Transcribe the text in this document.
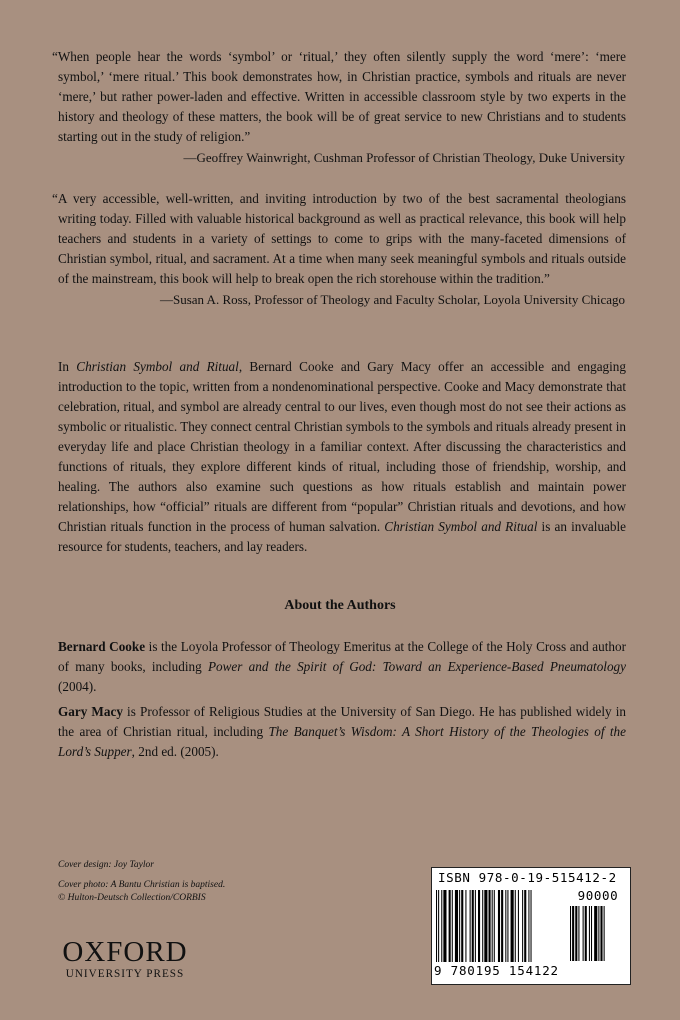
“When people hear the words ‘symbol’ or ‘ritual,’ they often silently supply the word ‘mere’: ‘mere symbol,’ ‘mere ritual.’ This book demonstrates how, in Christian practice, symbols and rituals are never ‘mere,’ but rather power-laden and effective. Written in accessible classroom style by two experts in the history and theology of these matters, the book will be of great service to new Christians and to students starting out in the study of religion.”

—Geoffrey Wainwright, Cushman Professor of Christian Theology, Duke University

“A very accessible, well-written, and inviting introduction by two of the best sacramental theologians writing today. Filled with valuable historical background as well as practical relevance, this book will help teachers and students in a variety of settings to come to grips with the many-faceted dimensions of Christian symbol, ritual, and sacrament. At a time when many seek meaningful symbols and rituals outside of the mainstream, this book will help to break open the rich storehouse within the tradition.”

—Susan A. Ross, Professor of Theology and Faculty Scholar, Loyola University Chicago

In Christian Symbol and Ritual, Bernard Cooke and Gary Macy offer an accessible and engaging introduction to the topic, written from a nondenominational perspective. Cooke and Macy demonstrate that celebration, ritual, and symbol are already central to our lives, even though most do not see their actions as symbolic or ritualistic. They connect central Christian symbols to the symbols and rituals already present in everyday life and place Christian theology in a familiar context. After discussing the characteristics and functions of rituals, they explore different kinds of ritual, including those of friendship, worship, and healing. The authors also examine such questions as how rituals establish and maintain power relationships, how “official” rituals are different from “popular” Christian rituals and devotions, and how Christian rituals function in the process of human salvation. Christian Symbol and Ritual is an invaluable resource for students, teachers, and lay readers.

About the Authors

Bernard Cooke is the Loyola Professor of Theology Emeritus at the College of the Holy Cross and author of many books, including Power and the Spirit of God: Toward an Experience-Based Pneumatology (2004).

Gary Macy is Professor of Religious Studies at the University of San Diego. He has published widely in the area of Christian ritual, including The Banquet’s Wisdom: A Short History of the Theologies of the Lord’s Supper, 2nd ed. (2005).

Cover design: Joy Taylor
Cover photo: A Bantu Christian is baptised.
© Hulton-Deutsch Collection/CORBIS
OXFORD
UNIVERSITY PRESS
ISBN 978-0-19-515412-2
90000
9 780195 154122
